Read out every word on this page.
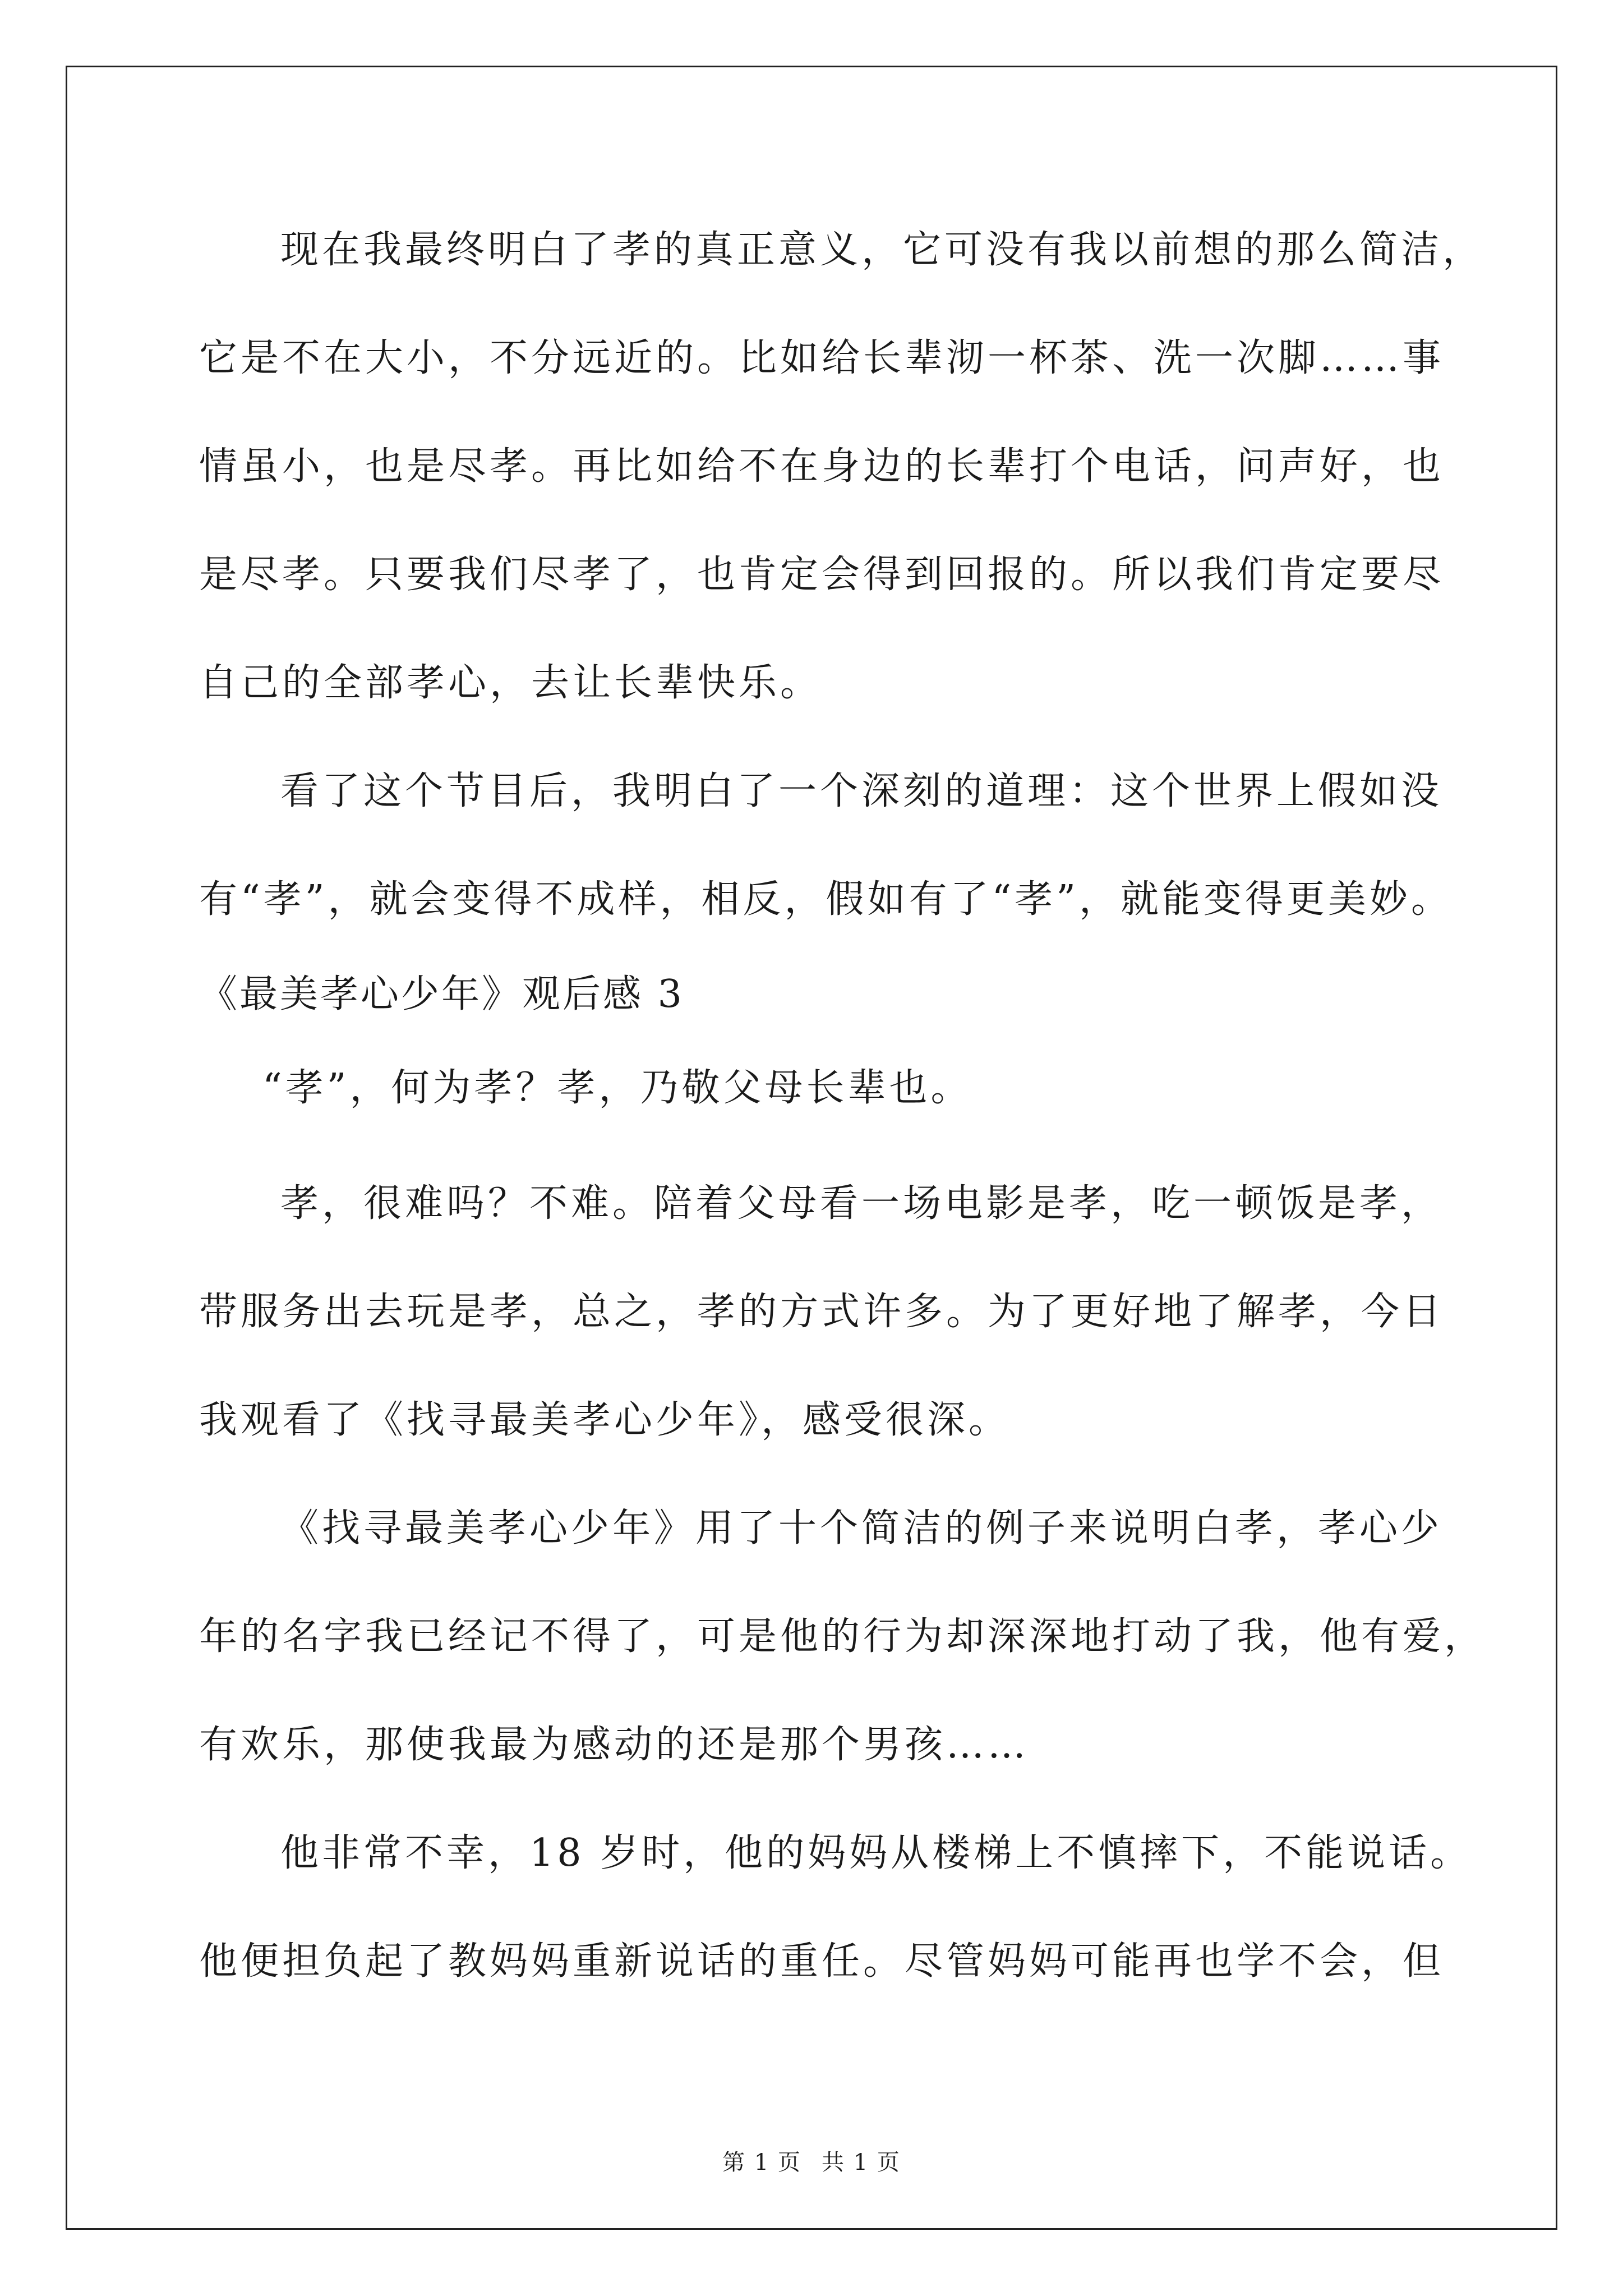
现在我最终明白了孝的真正意义，它可没有我以前想的那么简洁，
它是不在大小，不分远近的。比如给长辈沏一杯茶、洗一次脚……事
情虽小，也是尽孝。再比如给不在身边的长辈打个电话，问声好，也
是尽孝。只要我们尽孝了，也肯定会得到回报的。所以我们肯定要尽
自己的全部孝心，去让长辈快乐。
看了这个节目后，我明白了一个深刻的道理：这个世界上假如没
有“孝”，就会变得不成样，相反，假如有了“孝”，就能变得更美妙。
《最美孝心少年》观后感 3
“孝”，何为孝？孝，乃敬父母长辈也。
孝，很难吗？不难。陪着父母看一场电影是孝，吃一顿饭是孝，
带服务出去玩是孝，总之，孝的方式许多。为了更好地了解孝，今日
我观看了《找寻最美孝心少年》，感受很深。
《找寻最美孝心少年》用了十个简洁的例子来说明白孝，孝心少
年的名字我已经记不得了，可是他的行为却深深地打动了我，他有爱，
有欢乐，那使我最为感动的还是那个男孩……
他非常不幸，18 岁时，他的妈妈从楼梯上不慎摔下，不能说话。
他便担负起了教妈妈重新说话的重任。尽管妈妈可能再也学不会，但
第 1 页 共 1 页
